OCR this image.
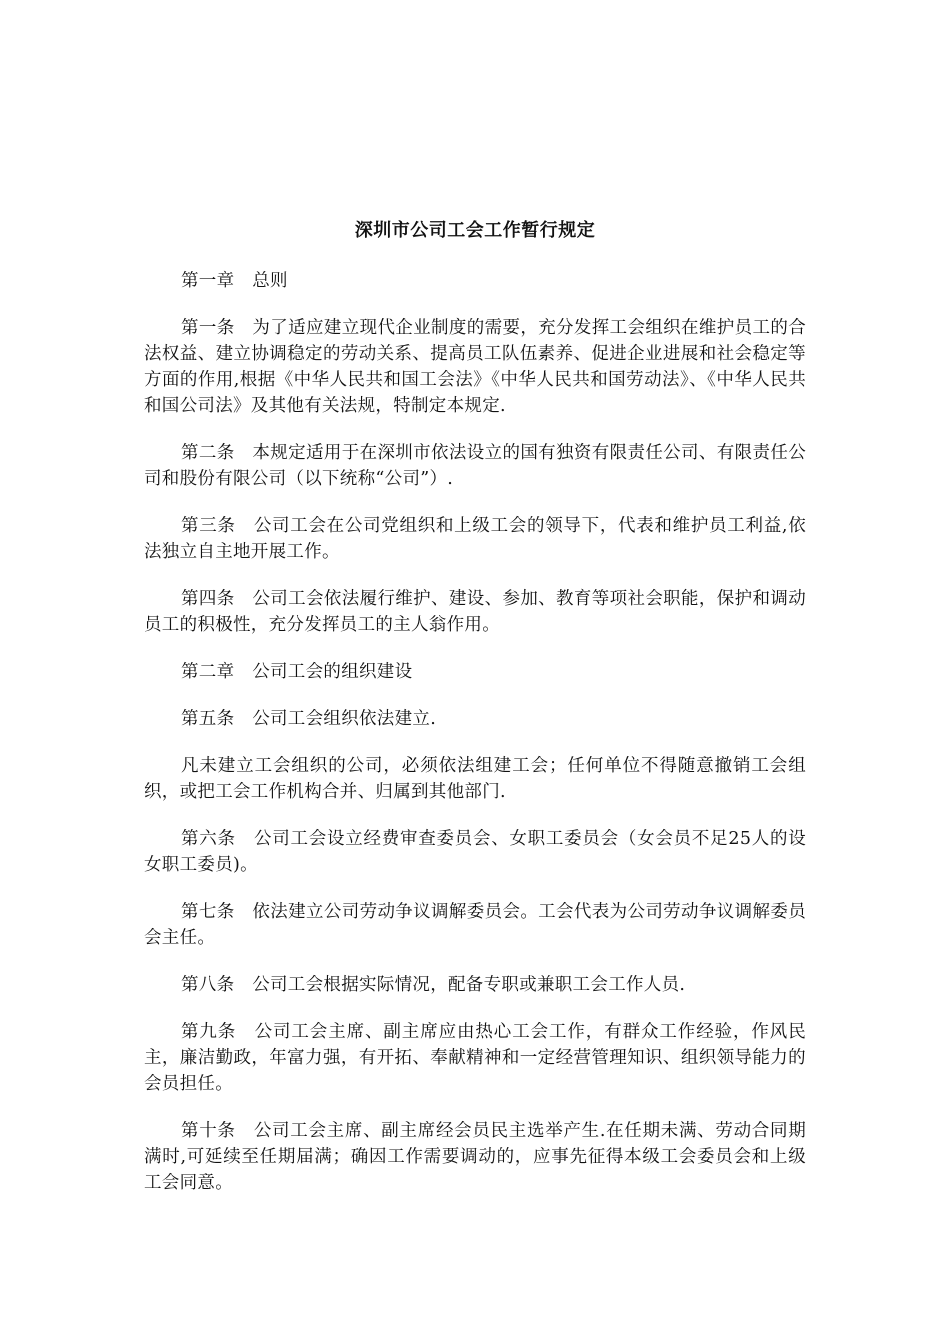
深圳市公司工会工作暂行规定

第一章　总则

第一条　为了适应建立现代企业制度的需要，充分发挥工会组织在维护员工的合法权益、建立协调稳定的劳动关系、提高员工队伍素养、促进企业进展和社会稳定等方面的作用,根据《中华人民共和国工会法》《中华人民共和国劳动法》、《中华人民共和国公司法》及其他有关法规，特制定本规定.

第二条　本规定适用于在深圳市依法设立的国有独资有限责任公司、有限责任公司和股份有限公司（以下统称“公司”）.

第三条　公司工会在公司党组织和上级工会的领导下，代表和维护员工利益,依法独立自主地开展工作。

第四条　公司工会依法履行维护、建设、参加、教育等项社会职能，保护和调动员工的积极性，充分发挥员工的主人翁作用。

第二章　公司工会的组织建设

第五条　公司工会组织依法建立.

凡未建立工会组织的公司，必须依法组建工会；任何单位不得随意撤销工会组织，或把工会工作机构合并、归属到其他部门.

第六条　公司工会设立经费审查委员会、女职工委员会（女会员不足25人的设女职工委员)。

第七条　依法建立公司劳动争议调解委员会。工会代表为公司劳动争议调解委员会主任。

第八条　公司工会根据实际情况，配备专职或兼职工会工作人员.

第九条　公司工会主席、副主席应由热心工会工作，有群众工作经验，作风民主，廉洁勤政，年富力强，有开拓、奉献精神和一定经营管理知识、组织领导能力的会员担任。

第十条　公司工会主席、副主席经会员民主选举产生.在任期未满、劳动合同期满时,可延续至任期届满；确因工作需要调动的，应事先征得本级工会委员会和上级工会同意。
